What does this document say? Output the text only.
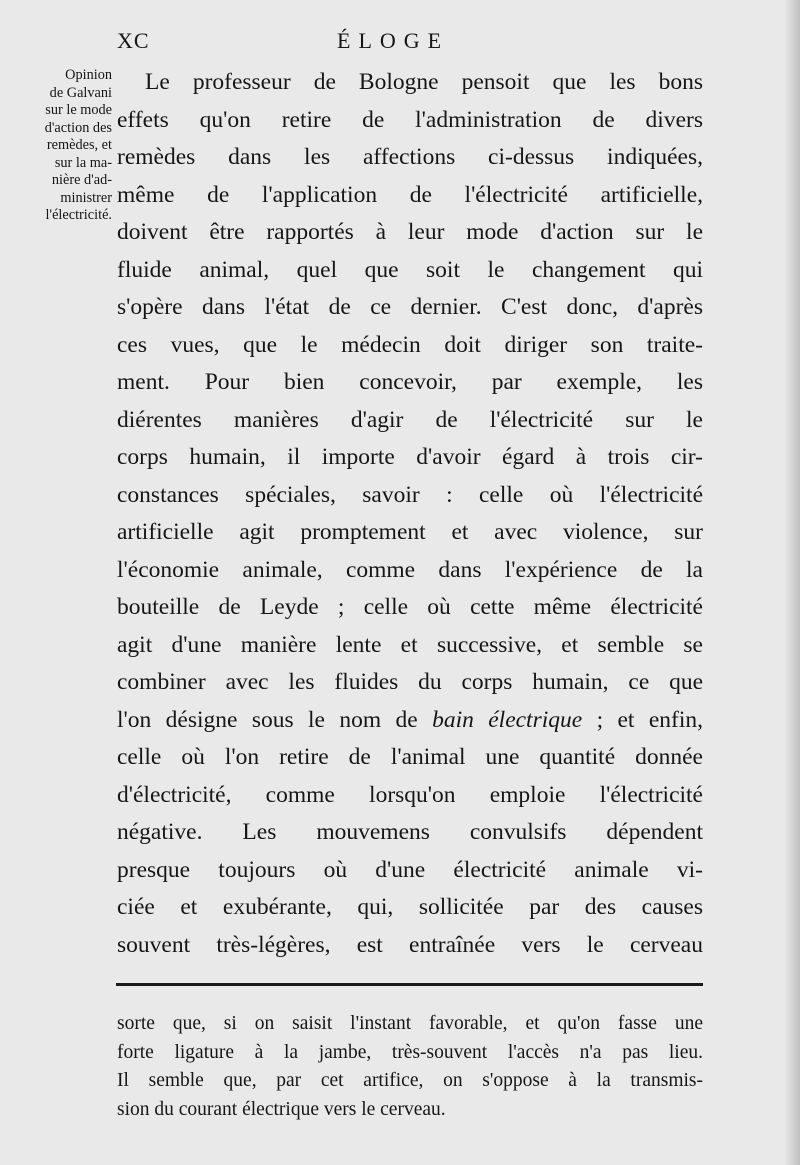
XC	ÉLOGE
Opinion
de Galvani
sur le mode
d'action des
remèdes, et
sur la ma-
nière d'ad-
ministrer
l'électricité.
Le professeur de Bologne pensoit que les bons
effets qu'on retire de l'administration de divers
remèdes dans les affections ci-dessus indiquées,
même de l'application de l'électricité artificielle,
doivent être rapportés à leur mode d'action sur le
fluide animal, quel que soit le changement qui
s'opère dans l'état de ce dernier. C'est donc, d'après
ces vues, que le médecin doit diriger son traite-
ment. Pour bien concevoir, par exemple, les
diérentes manières d'agir de l'électricité sur le
corps humain, il importe d'avoir égard à trois cir-
constances spéciales, savoir : celle où l'électricité
artificielle agit promptement et avec violence, sur
l'économie animale, comme dans l'expérience de la
bouteille de Leyde ; celle où cette même électricité
agit d'une manière lente et successive, et semble se
combiner avec les fluides du corps humain, ce que
l'on désigne sous le nom de bain électrique ; et enfin,
celle où l'on retire de l'animal une quantité donnée
d'électricité, comme lorsqu'on emploie l'électricité
négative. Les mouvemens convulsifs dépendent
presque toujours où d'une électricité animale vi-
ciée et exubérante, qui, sollicitée par des causes
souvent très-légères, est entraînée vers le cerveau
sorte que, si on saisit l'instant favorable, et qu'on fasse une
forte ligature à la jambe, très-souvent l'accès n'a pas lieu.
Il semble que, par cet artifice, on s'oppose à la transmis-
sion du courant électrique vers le cerveau.
